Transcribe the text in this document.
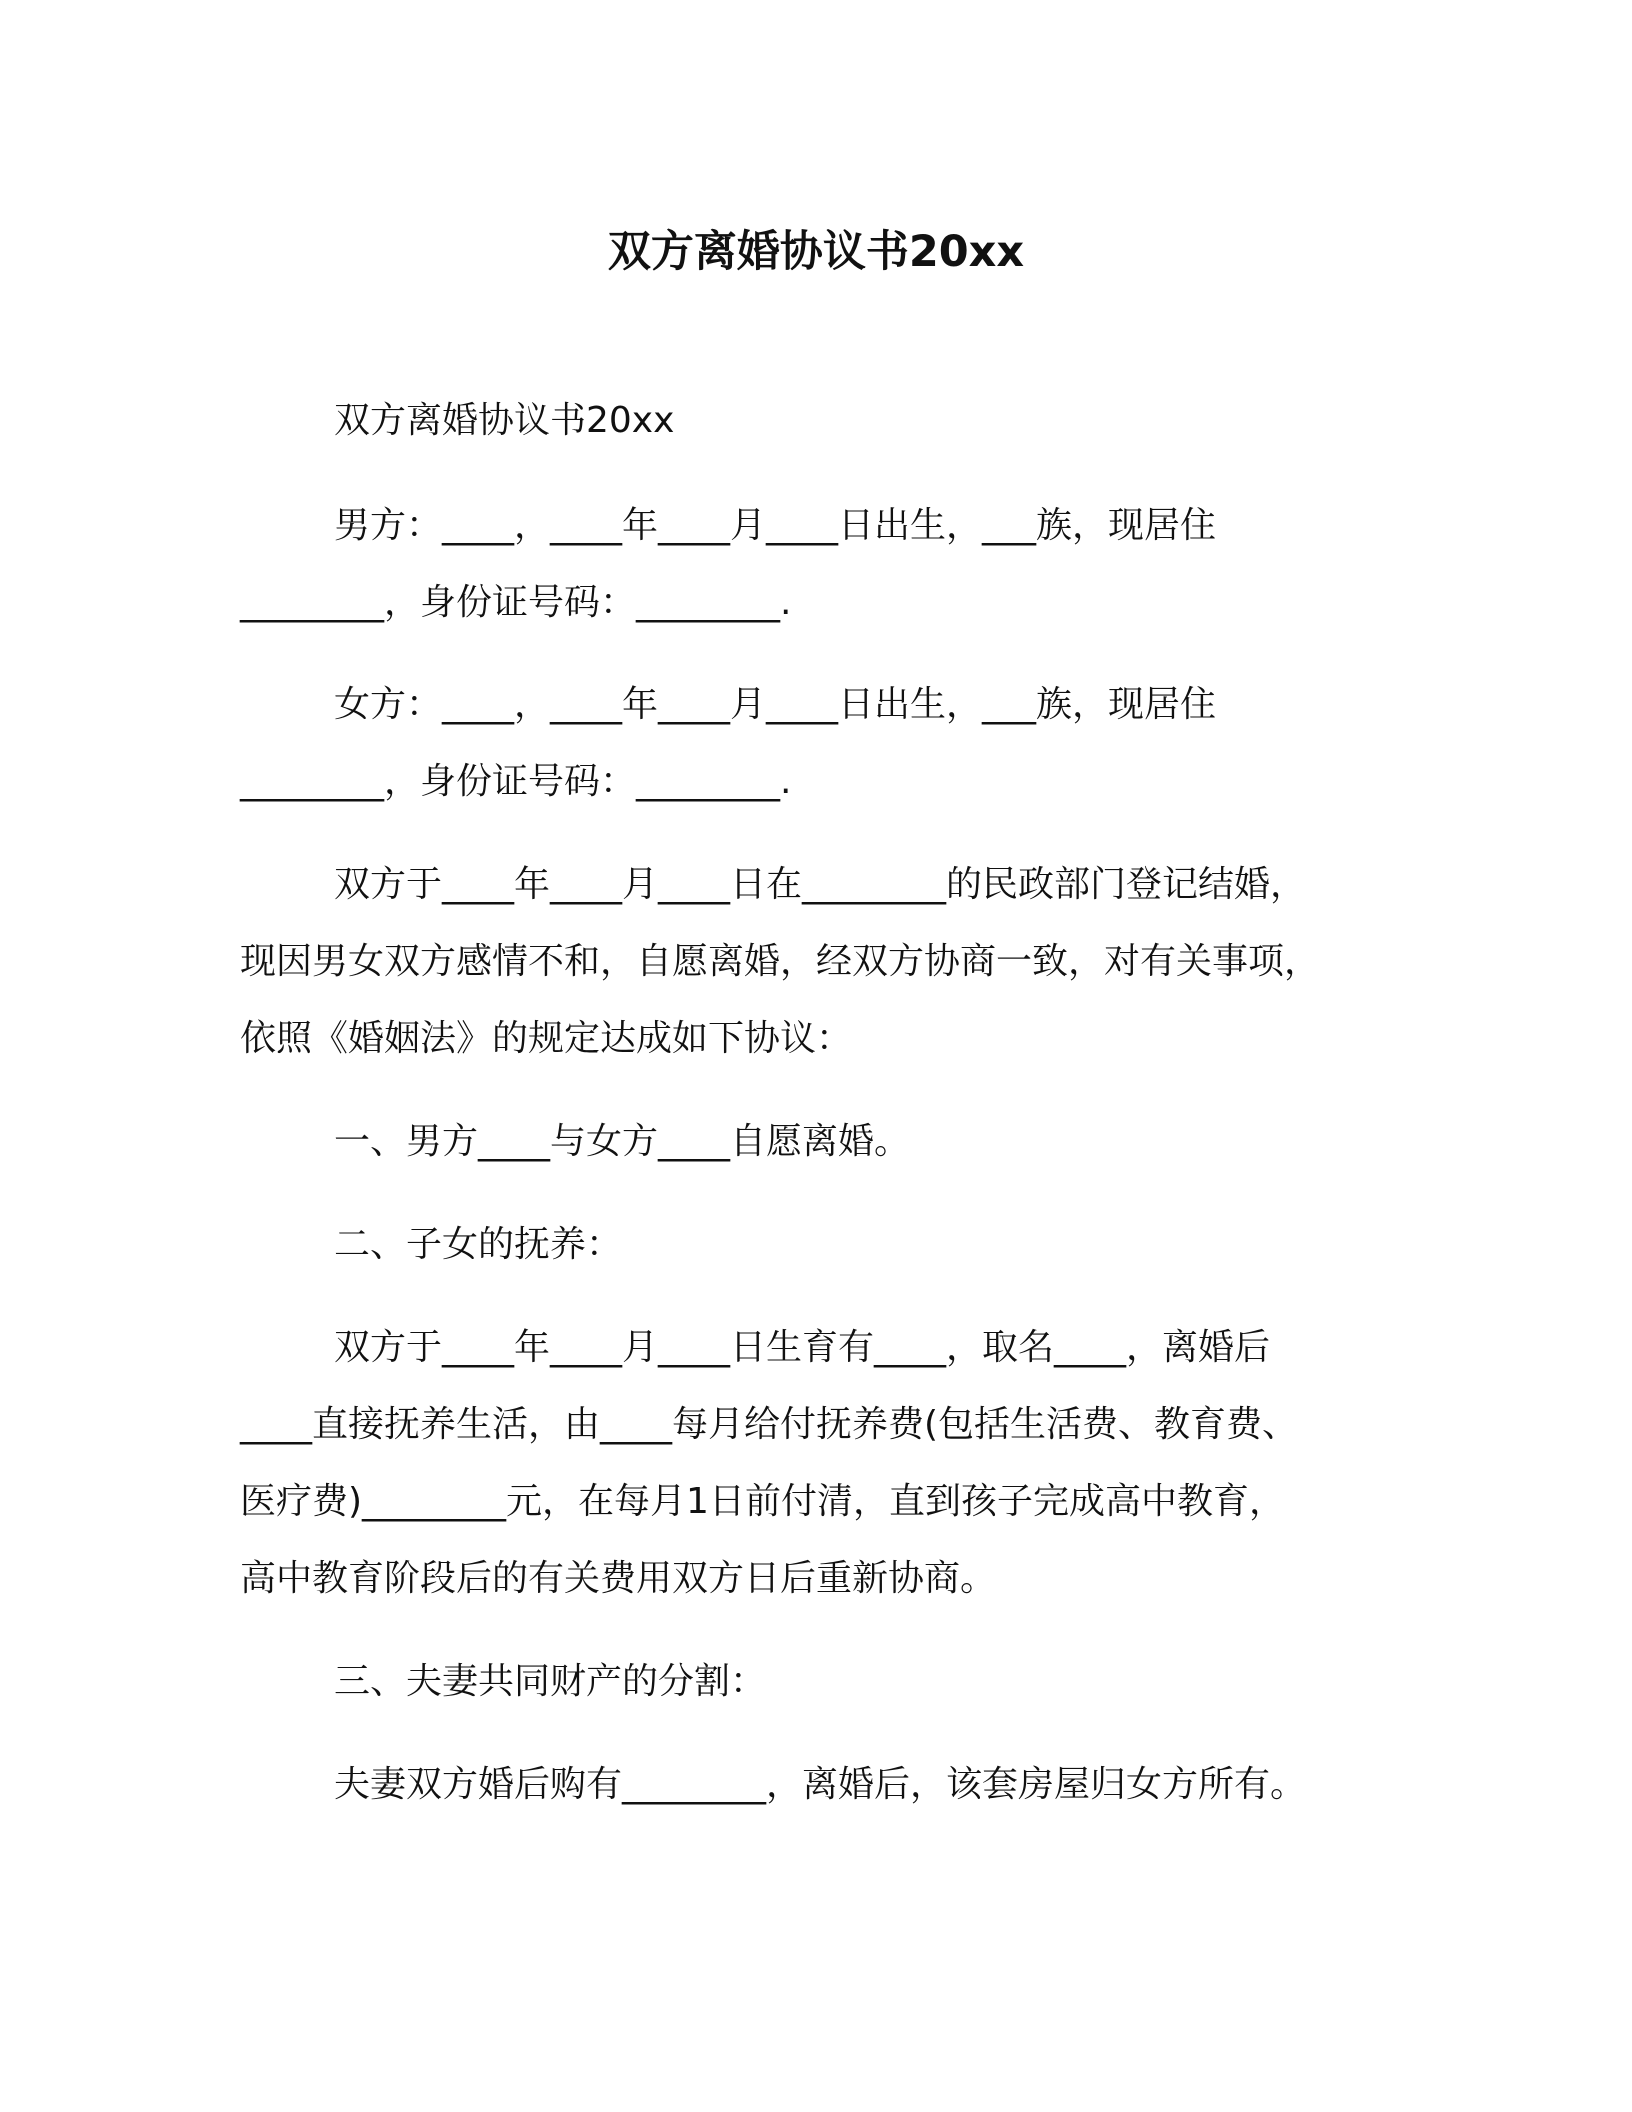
双方离婚协议书20xx
双方离婚协议书20xx
男方：____，____年____月____日出生，___族，现居住
________，身份证号码：________.
女方：____，____年____月____日出生，___族，现居住
________，身份证号码：________.
双方于____年____月____日在________的民政部门登记结婚，
现因男女双方感情不和，自愿离婚，经双方协商一致，对有关事项，
依照《婚姻法》的规定达成如下协议：
一、男方____与女方____自愿离婚。
二、子女的抚养：
双方于____年____月____日生育有____，取名____，离婚后
____直接抚养生活，由____每月给付抚养费(包括生活费、教育费、
医疗费)________元，在每月1日前付清，直到孩子完成高中教育，
高中教育阶段后的有关费用双方日后重新协商。
三、夫妻共同财产的分割：
夫妻双方婚后购有________，离婚后，该套房屋归女方所有。
